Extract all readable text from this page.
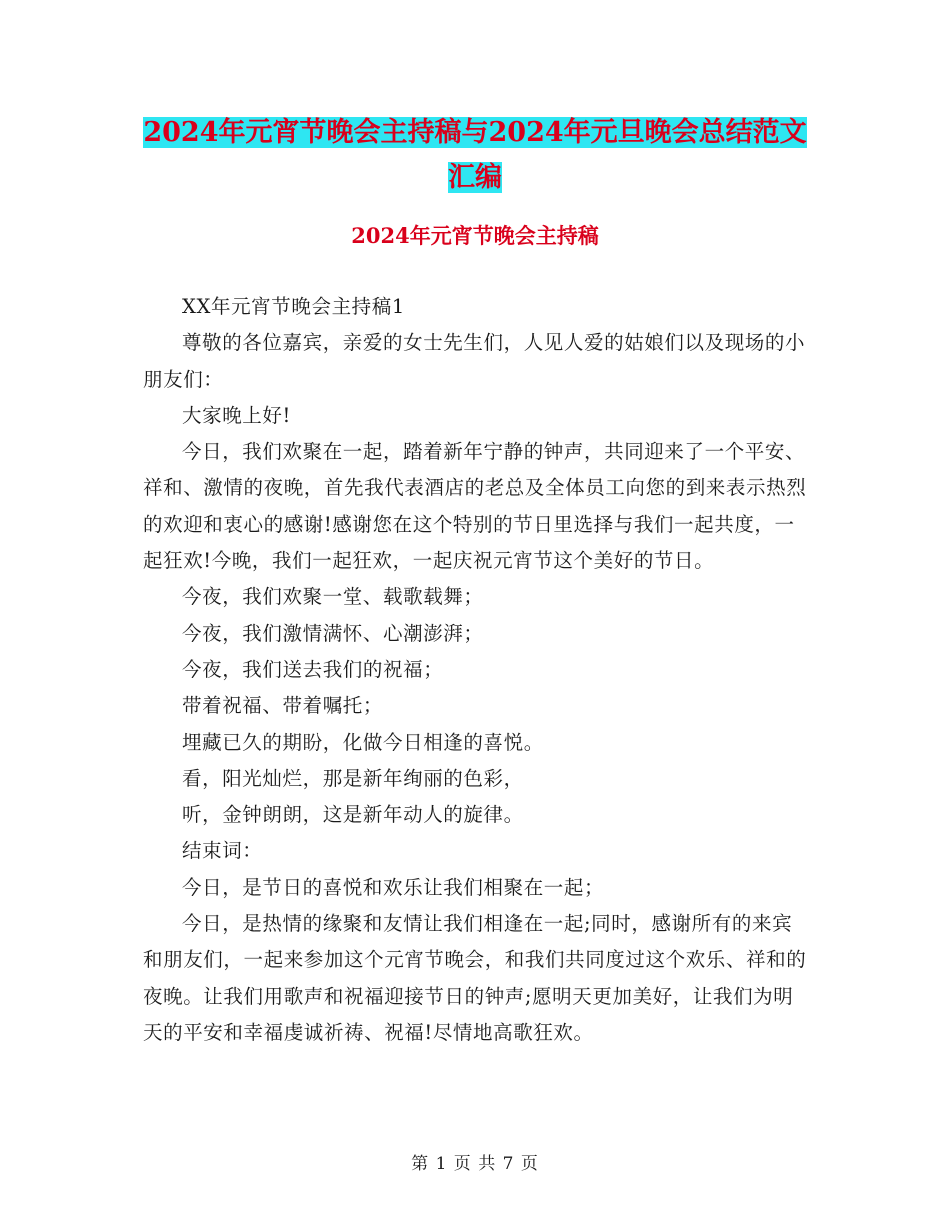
2024年元宵节晚会主持稿与2024年元旦晚会总结范文
汇编
2024年元宵节晚会主持稿

XX年元宵节晚会主持稿1

尊敬的各位嘉宾，亲爱的女士先生们，人见人爱的姑娘们以及现场的小朋友们：

大家晚上好!

今日，我们欢聚在一起，踏着新年宁静的钟声，共同迎来了一个平安、祥和、激情的夜晚，首先我代表酒店的老总及全体员工向您的到来表示热烈的欢迎和衷心的感谢!感谢您在这个特别的节日里选择与我们一起共度，一起狂欢!今晚，我们一起狂欢，一起庆祝元宵节这个美好的节日。

今夜，我们欢聚一堂、载歌载舞；

今夜，我们激情满怀、心潮澎湃；

今夜，我们送去我们的祝福；

带着祝福、带着嘱托；

埋藏已久的期盼，化做今日相逢的喜悦。

看，阳光灿烂，那是新年绚丽的色彩，

听，金钟朗朗，这是新年动人的旋律。

结束词：

今日，是节日的喜悦和欢乐让我们相聚在一起；

今日，是热情的缘聚和友情让我们相逢在一起;同时，感谢所有的来宾和朋友们，一起来参加这个元宵节晚会，和我们共同度过这个欢乐、祥和的夜晚。让我们用歌声和祝福迎接节日的钟声;愿明天更加美好，让我们为明天的平安和幸福虔诚祈祷、祝福!尽情地高歌狂欢。

第 1 页 共 7 页
